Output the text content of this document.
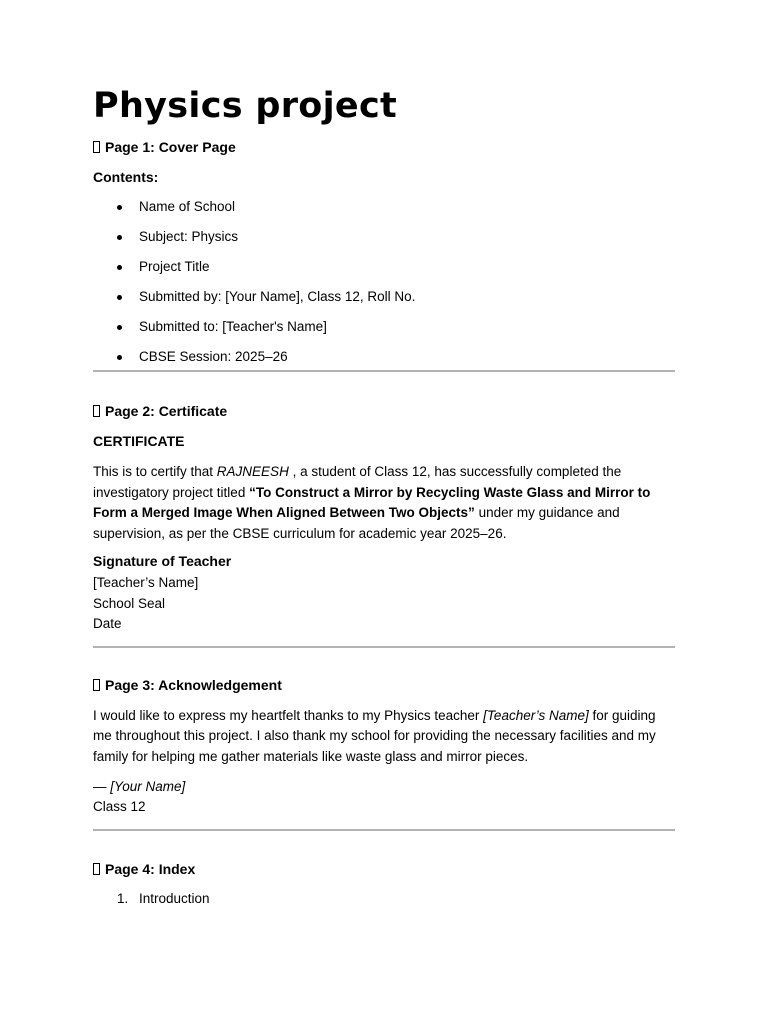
Physics project

Page 1: Cover Page

Contents:
Name of School
Subject: Physics
Project Title
Submitted by: [Your Name], Class 12, Roll No.
Submitted to: [Teacher's Name]
CBSE Session: 2025–26

Page 2: Certificate

CERTIFICATE

This is to certify that RAJNEESH , a student of Class 12, has successfully completed the investigatory project titled “To Construct a Mirror by Recycling Waste Glass and Mirror to Form a Merged Image When Aligned Between Two Objects” under my guidance and supervision, as per the CBSE curriculum for academic year 2025–26.

Signature of Teacher
[Teacher’s Name]
School Seal
Date

Page 3: Acknowledgement

I would like to express my heartfelt thanks to my Physics teacher [Teacher’s Name] for guiding me throughout this project. I also thank my school for providing the necessary facilities and my family for helping me gather materials like waste glass and mirror pieces.

— [Your Name]
Class 12

Page 4: Index

1. Introduction
